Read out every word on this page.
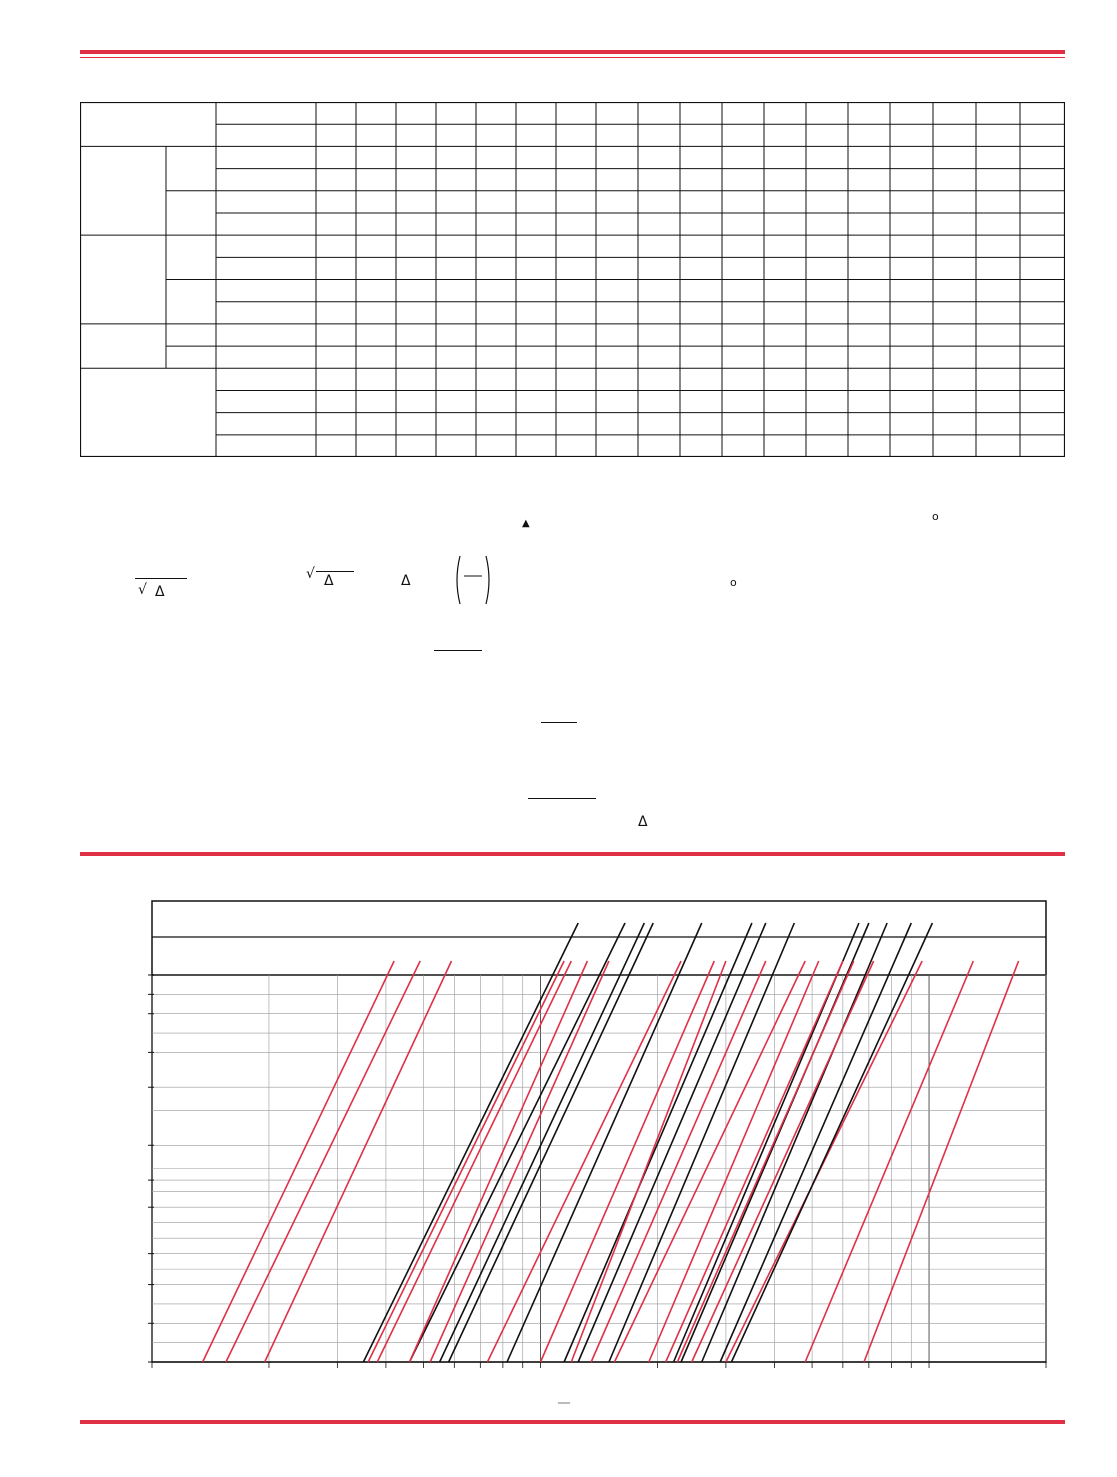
▲
o
√ Δ
√ Δ	Δ	o
Δ
